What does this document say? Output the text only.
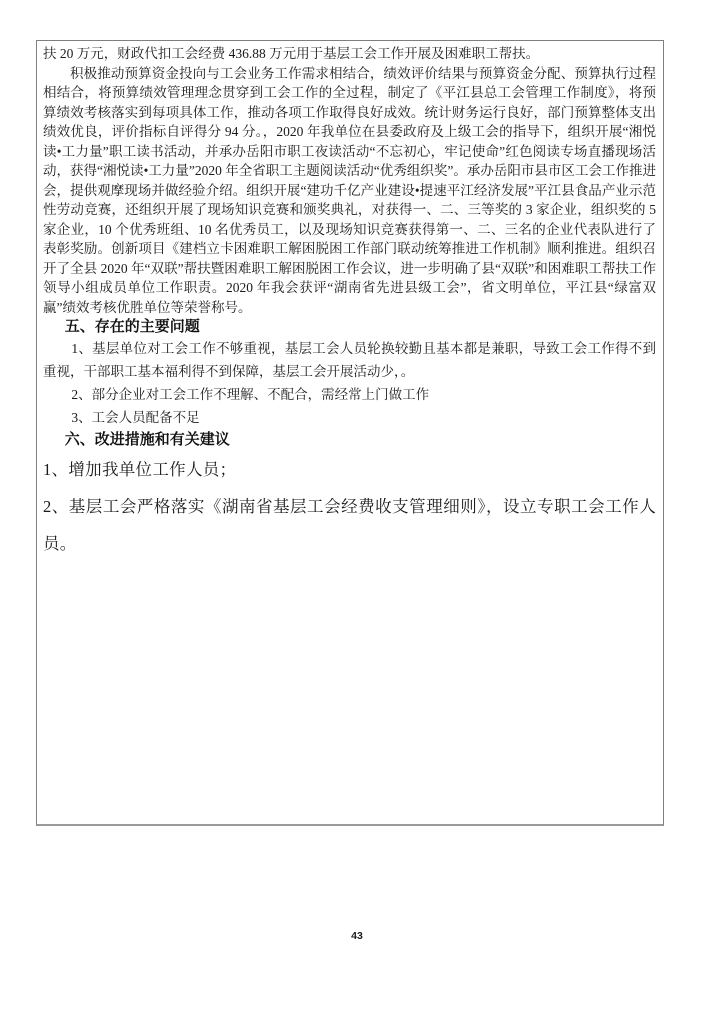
扶 20 万元，财政代扣工会经费 436.88 万元用于基层工会工作开展及困难职工帮扶。

积极推动预算资金投向与工会业务工作需求相结合，绩效评价结果与预算资金分配、预算执行过程相结合，将预算绩效管理理念贯穿到工会工作的全过程，制定了《平江县总工会管理工作制度》，将预算绩效考核落实到每项具体工作，推动各项工作取得良好成效。统计财务运行良好，部门预算整体支出绩效优良，评价指标自评得分 94 分。，2020 年我单位在县委政府及上级工会的指导下，组织开展“湘悦读•工力量”职工读书活动，并承办岳阳市职工夜读活动“不忘初心，牢记使命”红色阅读专场直播现场活动，获得“湘悦读•工力量”2020 年全省职工主题阅读活动“优秀组织奖”。承办岳阳市县市区工会工作推进会，提供观摩现场并做经验介绍。组织开展“建功千亿产业建设•提速平江经济发展”平江县食品产业示范性劳动竞赛，还组织开展了现场知识竞赛和颁奖典礼，对获得一、二、三等奖的 3 家企业，组织奖的 5 家企业，10 个优秀班组、10 名优秀员工，以及现场知识竞赛获得第一、二、三名的企业代表队进行了表彰奖励。创新项目《建档立卡困难职工解困脱困工作部门联动统筹推进工作机制》顺利推进。组织召开了全县 2020 年“双联”帮扶暨困难职工解困脱困工作会议，进一步明确了县“双联”和困难职工帮扶工作领导小组成员单位工作职责。2020 年我会获评“湖南省先进县级工会”，省文明单位，平江县“绿富双赢”绩效考核优胜单位等荣誉称号。

五、存在的主要问题

1、基层单位对工会工作不够重视，基层工会人员轮换较勤且基本都是兼职，导致工会工作得不到重视，干部职工基本福利得不到保障，基层工会开展活动少，。

2、部分企业对工会工作不理解、不配合，需经常上门做工作

3、工会人员配备不足

六、改进措施和有关建议

1、增加我单位工作人员；

2、基层工会严格落实《湖南省基层工会经费收支管理细则》，设立专职工会工作人员。

43
